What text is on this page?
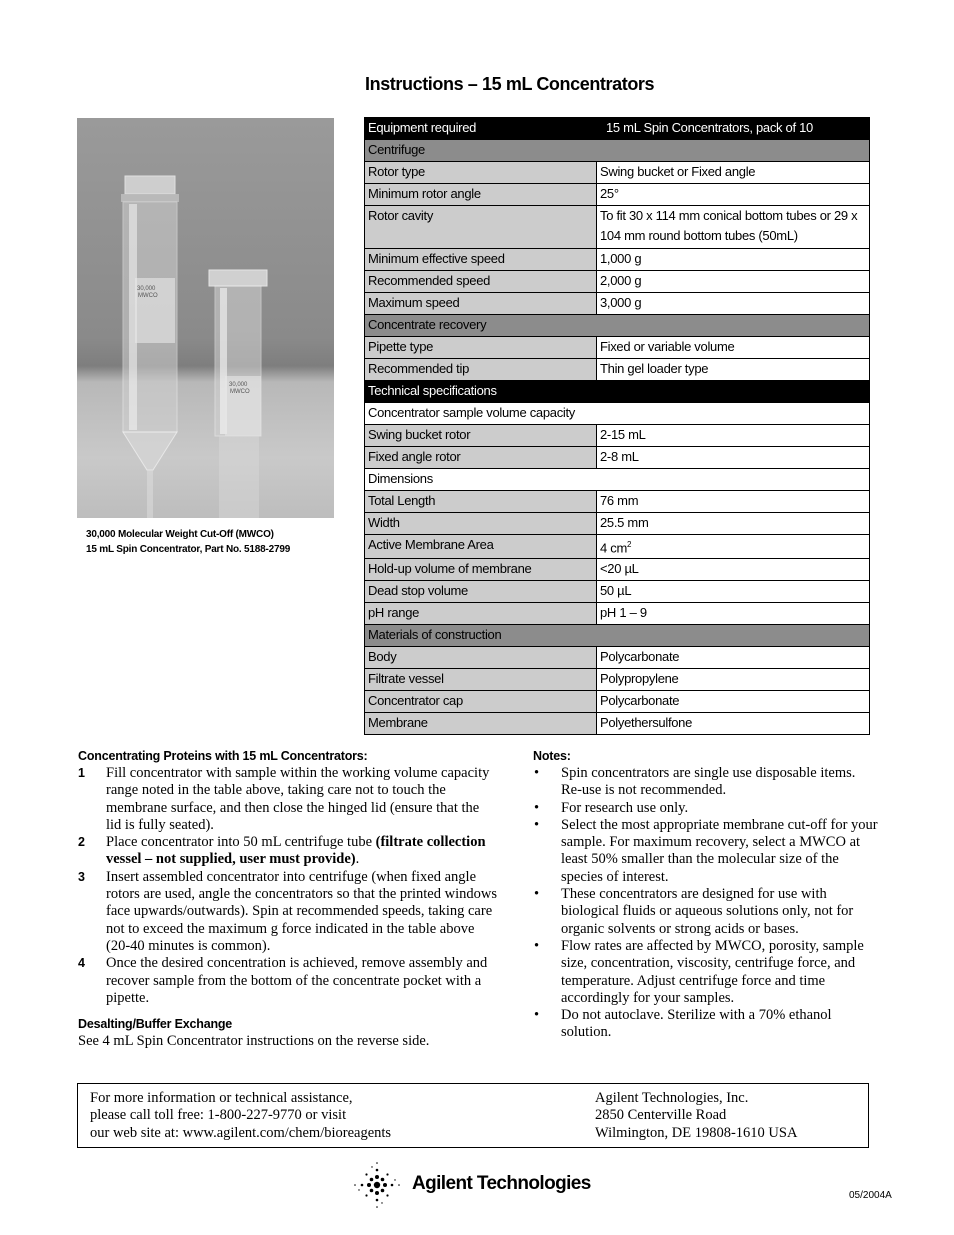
Instructions – 15 mL Concentrators
30,000
MWCO
30,000
MWCO
30,000 Molecular Weight Cut-Off (MWCO)
15 mL Spin Concentrator, Part No. 5188-2799
Equipment required	15 mL Spin Concentrators, pack of 10
Centrifuge	
Rotor type	Swing bucket or Fixed angle
Minimum rotor angle	25°
Rotor cavity	To fit 30 x 114 mm conical bottom tubes or 29 x 104 mm round bottom tubes (50mL)
Minimum effective speed	1,000 g
Recommended speed	2,000 g
Maximum speed	3,000 g
Concentrate recovery	
Pipette type	Fixed or variable volume
Recommended tip	Thin gel loader type
Technical specifications	
Concentrator sample volume capacity	
Swing bucket rotor	2-15 mL
Fixed angle rotor	2-8 mL
Dimensions	
Total Length	76 mm
Width	25.5 mm
Active Membrane Area	4 $cm^2$
Hold-up volume of membrane	<20 µL
Dead stop volume	50 µL
pH range	pH 1 – 9
Materials of construction	
Body	Polycarbonate
Filtrate vessel	Polypropylene
Concentrator cap	Polycarbonate
Membrane	Polyethersulfone
Concentrating Proteins with 15 mL Concentrators:
1 Fill concentrator with sample within the working volume capacity range noted in the table above, taking care not to touch the membrane surface, and then close the hinged lid (ensure that the lid is fully seated).
2 Place concentrator into 50 mL centrifuge tube (filtrate collection vessel – not supplied, user must provide).
3 Insert assembled concentrator into centrifuge (when fixed angle rotors are used, angle the concentrators so that the printed windows face upwards/outwards). Spin at recommended speeds, taking care not to exceed the maximum g force indicated in the table above (20-40 minutes is common).
4 Once the desired concentration is achieved, remove assembly and recover sample from the bottom of the concentrate pocket with a pipette.
Desalting/Buffer Exchange
See 4 mL Spin Concentrator instructions on the reverse side.
Notes:
• Spin concentrators are single use disposable items. Re-use is not recommended.
• For research use only.
• Select the most appropriate membrane cut-off for your sample. For maximum recovery, select a MWCO at least 50% smaller than the molecular size of the species of interest.
• These concentrators are designed for use with biological fluids or aqueous solutions only, not for organic solvents or strong acids or bases.
• Flow rates are affected by MWCO, porosity, sample size, concentration, viscosity, centrifuge force, and temperature. Adjust centrifuge force and time accordingly for your samples.
• Do not autoclave. Sterilize with a 70% ethanol solution.
For more information or technical assistance,
please call toll free: 1-800-227-9770 or visit
our web site at: www.agilent.com/chem/bioreagents
Agilent Technologies, Inc.
2850 Centerville Road
Wilmington, DE 19808-1610 USA
Agilent Technologies
05/2004A
